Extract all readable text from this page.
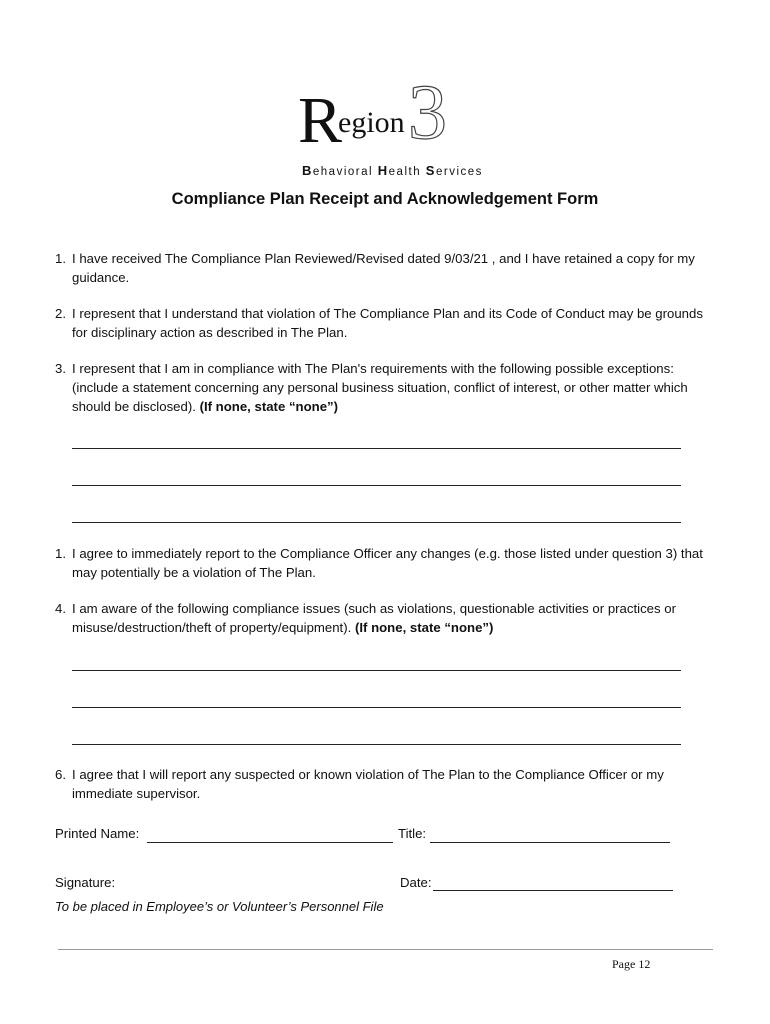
3
R
egion
Behavioral Health Services
Compliance Plan Receipt and Acknowledgement Form
1. I have received The Compliance Plan Reviewed/Revised dated 9/03/21 , and I have retained a copy for my guidance.
2. I represent that I understand that violation of The Compliance Plan and its Code of Conduct may be grounds for disciplinary action as described in The Plan.
3. I represent that I am in compliance with The Plan's requirements with the following possible exceptions: (include a statement concerning any personal business situation, conflict of interest, or other matter which should be disclosed). (If none, state “none”)
1. I agree to immediately report to the Compliance Officer any changes (e.g. those listed under question 3) that may potentially be a violation of The Plan.
4. I am aware of the following compliance issues (such as violations, questionable activities or practices or misuse/destruction/theft of property/equipment). (If none, state “none”)
6. I agree that I will report any suspected or known violation of The Plan to the Compliance Officer or my immediate supervisor.
Printed Name:	Title:
Signature:	Date:
To be placed in Employee’s or Volunteer’s Personnel File
Page 12
